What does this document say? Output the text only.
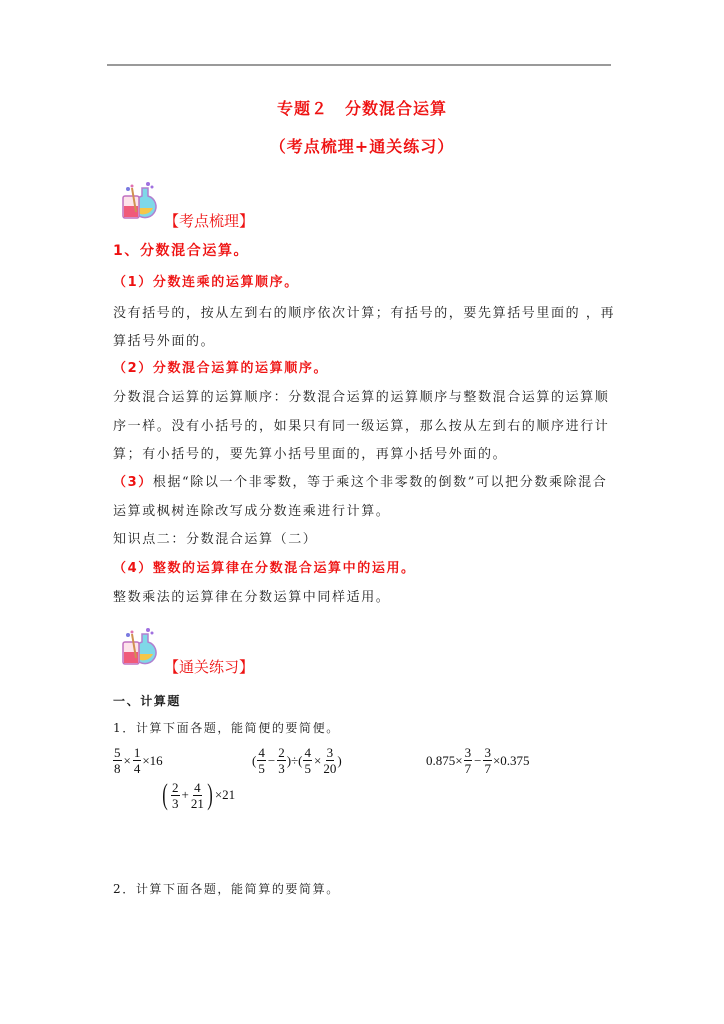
专题２　分数混合运算
（考点梳理+通关练习）
【考点梳理】
1、分数混合运算。
（1）分数连乘的运算顺序。
没有括号的，按从左到右的顺序依次计算；有括号的，要先算括号里面的 ，再
算括号外面的。
（2）分数混合运算的运算顺序。
分数混合运算的运算顺序：分数混合运算的运算顺序与整数混合运算的运算顺
序一样。没有小括号的，如果只有同一级运算，那么按从左到右的顺序进行计
算；有小括号的，要先算小括号里面的，再算小括号外面的。
（3）根据“除以一个非零数，等于乘这个非零数的倒数”可以把分数乘除混合
运算或枫树连除改写成分数连乘进行计算。
知识点二：分数混合运算（二）
（4）整数的运算律在分数混合运算中的运用。
整数乘法的运算律在分数运算中同样适用。
【通关练习】
一、计算题
1．计算下面各题，能简便的要简便。
$\frac{5}{8} \times \frac{1}{4} \times 16$	( $\frac{4}{5} - \frac{2}{3}$ )÷( $\frac{4}{5} \times \frac{3}{20}$ )	$0.875\times \frac{3}{7} - \frac{3}{7} \times 0.375$
( $\frac{2}{3} + \frac{4}{21}$ ) ×21
2．计算下面各题，能简算的要简算。
